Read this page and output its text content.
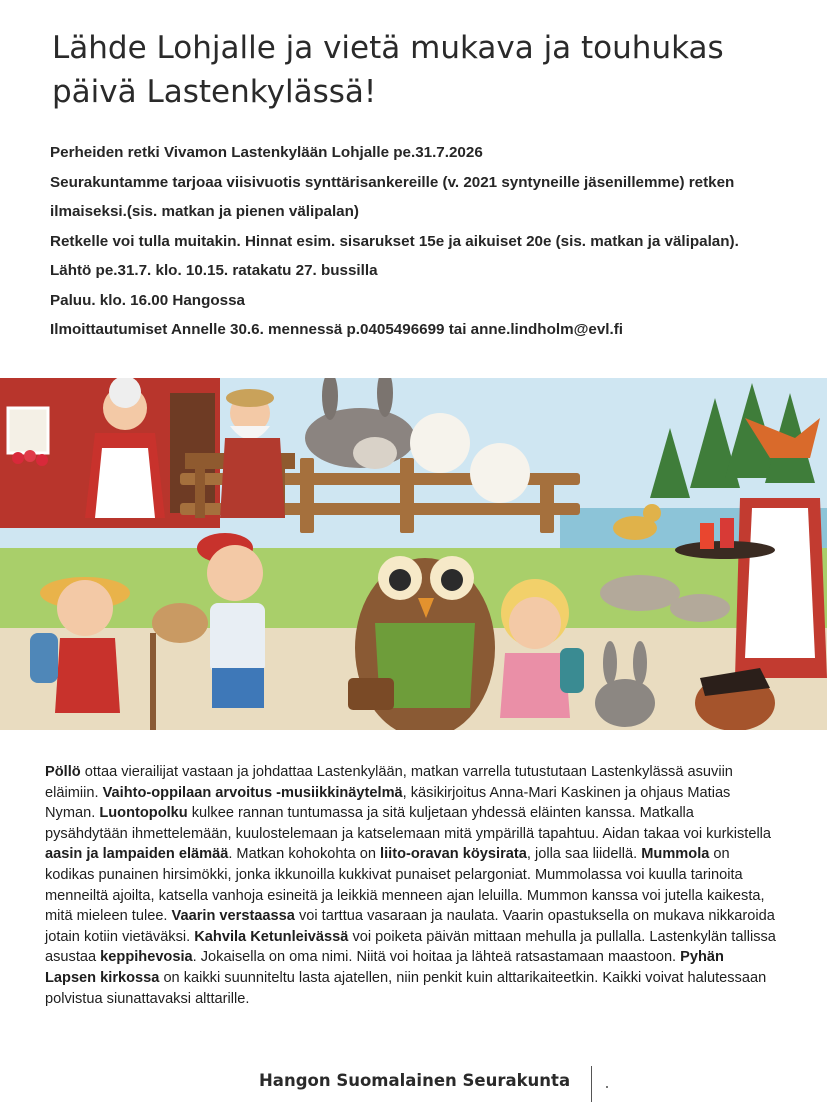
Lähde Lohjalle ja vietä mukava ja touhukas päivä Lastenkylässä!

Perheiden retki Vivamon Lastenkylään Lohjalle pe.31.7.2026

Seurakuntamme tarjoaa viisivuotis synttärisankereille (v. 2021 syntyneille jäsenillemme) retken ilmaiseksi.(sis. matkan ja pienen välipalan)

Retkelle voi tulla muitakin. Hinnat esim. sisarukset 15e ja aikuiset 20e (sis. matkan ja välipalan).

Lähtö pe.31.7. klo. 10.15. ratakatu 27. bussilla

Paluu. klo. 16.00 Hangossa

Ilmoittautumiset Annelle 30.6. mennessä p.0405496699 tai anne.lindholm@evl.fi

Pöllö ottaa vierailijat vastaan ja johdattaa Lastenkylään, matkan varrella tutustutaan Lastenkylässä asuviin eläimiin. Vaihto-oppilaan arvoitus -musiikkinäytelmä, käsikirjoitus Anna-Mari Kaskinen ja ohjaus Matias Nyman. Luontopolku kulkee rannan tuntumassa ja sitä kuljetaan yhdessä eläinten kanssa. Matkalla pysähdytään ihmettelemään, kuulostelemaan ja katselemaan mitä ympärillä tapahtuu. Aidan takaa voi kurkistella aasin ja lampaiden elämää. Matkan kohokohta on liito-oravan köysirata, jolla saa liidellä. Mummola on kodikas punainen hirsimökki, jonka ikkunoilla kukkivat punaiset pelargoniat. Mummolassa voi kuulla tarinoita menneiltä ajoilta, katsella vanhoja esineitä ja leikkiä menneen ajan leluilla. Mummon kanssa voi jutella kaikesta, mitä mieleen tulee. Vaarin verstaassa voi tarttua vasaraan ja naulata. Vaarin opastuksella on mukava nikkaroida jotain kotiin vietäväksi. Kahvila Ketunleivässä voi poiketa päivän mittaan mehulla ja pullalla. Lastenkylän tallissa asustaa keppihevosia. Jokaisella on oma nimi. Niitä voi hoitaa ja lähteä ratsastamaan maastoon. Pyhän Lapsen kirkossa on kaikki suunniteltu lasta ajatellen, niin penkit kuin alttarikaiteetkin. Kaikki voivat halutessaan polvistua siunattavaksi alttarille.

Hangon Suomalainen Seurakunta
